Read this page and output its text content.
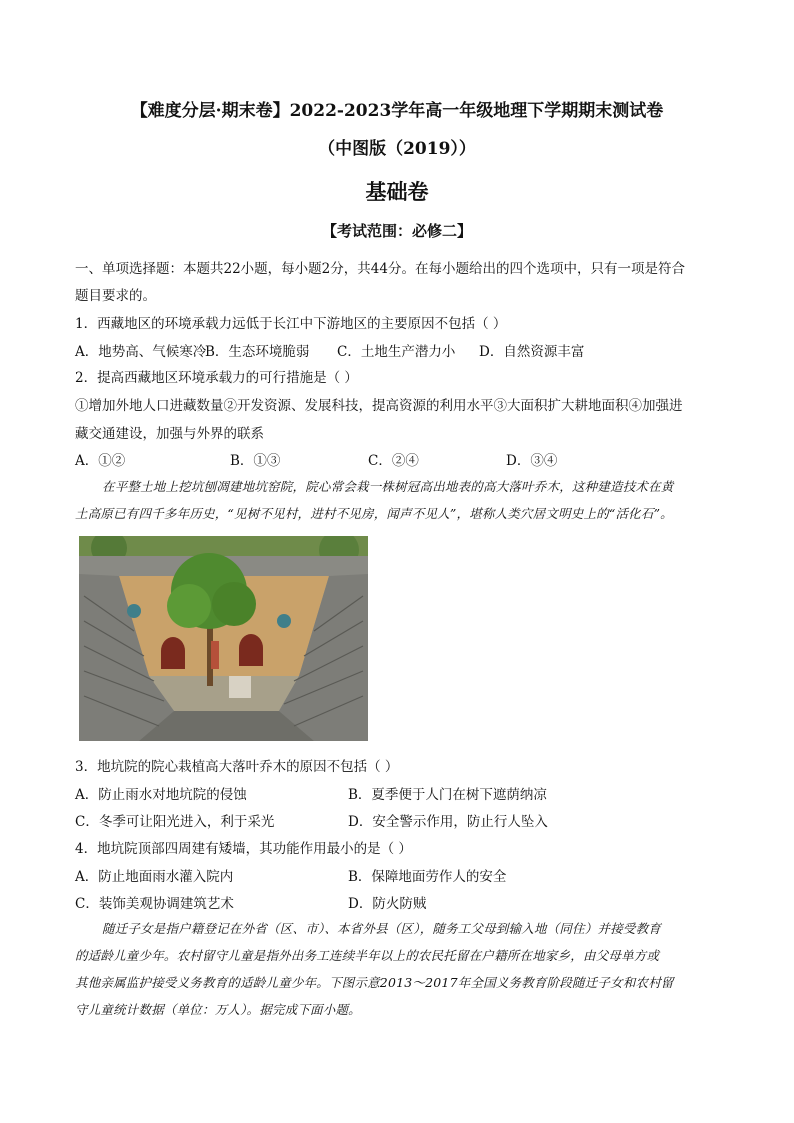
【难度分层·期末卷】2022-2023学年高一年级地理下学期期末测试卷
（中图版（2019））
基础卷
【考试范围：必修二】
一、单项选择题：本题共22小题，每小题2分，共44分。在每小题给出的四个选项中，只有一项是符合
题目要求的。
1．西藏地区的环境承载力远低于长江中下游地区的主要原因不包括（ ）
A．地势高、气候寒冷B．生态环境脆弱 C．土地生产潜力小 D．自然资源丰富
2．提高西藏地区环境承载力的可行措施是（ ）
①增加外地人口进藏数量②开发资源、发展科技，提高资源的利用水平③大面积扩大耕地面积④加强进
藏交通建设，加强与外界的联系
A．①②	B．①③	C．②④	D．③④
在平整土地上挖坑刨凋建地坑窑院，院心常会栽一株树冠高出地表的高大落叶乔木，这种建造技术在黄
土高原已有四千多年历史，“见树不见村，进村不见房，闻声不见人”，堪称人类穴居文明史上的“活化石”。
3．地坑院的院心栽植高大落叶乔木的原因不包括（ ）
A．防止雨水对地坑院的侵蚀	B．夏季便于人门在树下遮荫纳凉
C．冬季可让阳光进入，利于采光	D．安全警示作用，防止行人坠入
4．地坑院顶部四周建有矮墙，其功能作用最小的是（ ）
A．防止地面雨水灌入院内	B．保障地面劳作人的安全
C．装饰美观协调建筑艺术	D．防火防贼
随迁子女是指户籍登记在外省（区、市）、本省外县（区），随务工父母到输入地（同住）并接受教育
的适龄儿童少年。农村留守儿童是指外出务工连续半年以上的农民托留在户籍所在地家乡，由父母单方或
其他亲属监护接受义务教育的适龄儿童少年。下图示意2013～2017年全国义务教育阶段随迁子女和农村留
守儿童统计数据（单位：万人）。据完成下面小题。
